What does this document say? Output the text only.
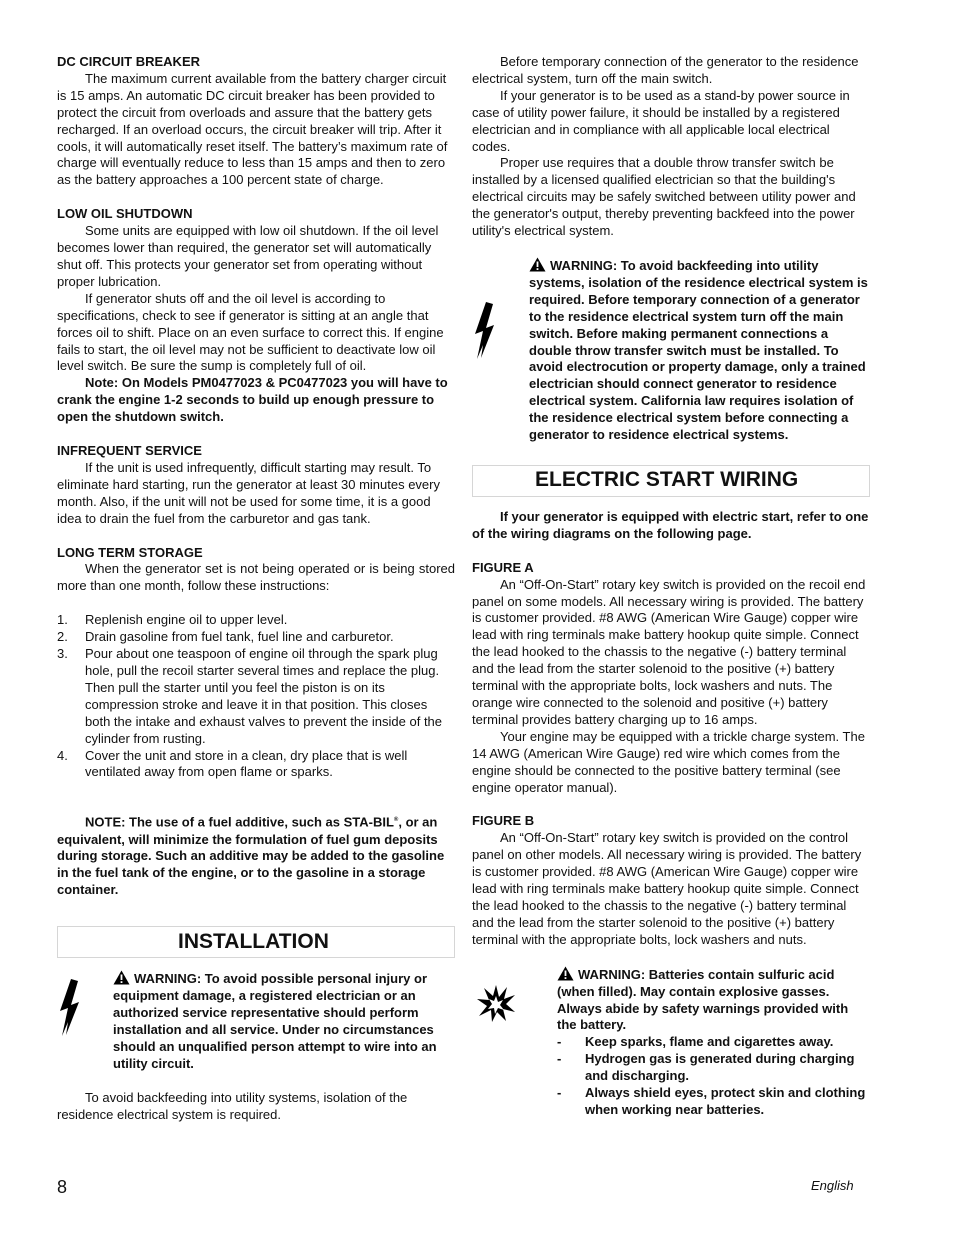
DC CIRCUIT BREAKER

The maximum current available from the battery charger circuit is 15 amps. An automatic DC circuit breaker has been provided to protect the circuit from overloads and assure that the battery gets recharged. If an overload occurs, the circuit breaker will trip. After it cools, it will automatically reset itself. The battery’s maximum rate of charge will eventually reduce to less than 15 amps and then to zero as the battery approaches a 100 percent state of charge.

LOW OIL SHUTDOWN

Some units are equipped with low oil shutdown. If the oil level becomes lower than required, the generator set will automatically shut off. This protects your generator set from operating without proper lubrication.

If generator shuts off and the oil level is according to specifications, check to see if generator is sitting at an angle that forces oil to shift. Place on an even surface to correct this. If engine fails to start, the oil level may not be sufficient to deactivate low oil level switch. Be sure the sump is completely full of oil.

Note: On Models PM0477023 & PC0477023 you will have to crank the engine 1-2 seconds to build up enough pressure to open the shutdown switch.

INFREQUENT SERVICE

If the unit is used infrequently, difficult starting may result. To eliminate hard starting, run the generator at least 30 minutes every month. Also, if the unit will not be used for some time, it is a good idea to drain the fuel from the carburetor and gas tank.

LONG TERM STORAGE

When the generator set is not being operated or is being stored more than one month, follow these instructions:

1. Replenish engine oil to upper level.
2. Drain gasoline from fuel tank, fuel line and carburetor.
3. Pour about one teaspoon of engine oil through the spark plug hole, pull the recoil starter several times and replace the plug. Then pull the starter until you feel the piston is on its compression stroke and leave it in that position. This closes both the intake and exhaust valves to prevent the inside of the cylinder from rusting.
4. Cover the unit and store in a clean, dry place that is well ventilated away from open flame or sparks.

NOTE: The use of a fuel additive, such as STA-BIL®, or an equivalent, will minimize the formulation of fuel gum deposits during storage. Such an additive may be added to the gasoline in the fuel tank of the engine, or to the gasoline in a storage container.

INSTALLATION
WARNING: To avoid possible personal injury or equipment damage, a registered electrician or an authorized service representative should perform installation and all service. Under no circumstances should an unqualified person attempt to wire into an utility circuit.

To avoid backfeeding into utility systems, isolation of the residence electrical system is required.

Before temporary connection of the generator to the residence electrical system, turn off the main switch.

If your generator is to be used as a stand-by power source in case of utility power failure, it should be installed by a registered electrician and in compliance with all applicable local electrical codes.

Proper use requires that a double throw transfer switch be installed by a licensed qualified electrician so that the building's electrical circuits may be safely switched between utility power and the generator's output, thereby preventing backfeed into the power utility's electrical system.

WARNING: To avoid backfeeding into utility systems, isolation of the residence electrical system is required. Before temporary connection of a generator to the residence electrical system turn off the main switch. Before making permanent connections a double throw transfer switch must be installed. To avoid electrocution or property damage, only a trained electrician should connect generator to residence electrical system. California law requires isolation of the residence electrical system before connecting a generator to residence electrical systems.
ELECTRIC START WIRING

If your generator is equipped with electric start, refer to one of the wiring diagrams on the following page.

FIGURE A

An “Off-On-Start” rotary key switch is provided on the recoil end panel on some models. All necessary wiring is provided. The battery is customer provided. #8 AWG (American Wire Gauge) copper wire lead with ring terminals make battery hookup quite simple. Connect the lead hooked to the chassis to the negative (-) battery terminal and the lead from the starter solenoid to the positive (+) battery terminal with the appropriate bolts, lock washers and nuts. The orange wire connected to the solenoid and positive (+) battery terminal provides battery charging up to 16 amps.

Your engine may be equipped with a trickle charge system. The 14 AWG (American Wire Gauge) red wire which comes from the engine should be connected to the positive battery terminal (see engine operator manual).

FIGURE B

An “Off-On-Start” rotary key switch is provided on the control panel on other models. All necessary wiring is provided. The battery is customer provided. #8 AWG (American Wire Gauge) copper wire lead with ring terminals make battery hookup quite simple. Connect the lead hooked to the chassis to the negative (-) battery terminal and the lead from the starter solenoid to the positive (+) battery terminal with the appropriate bolts, lock washers and nuts.

WARNING: Batteries contain sulfuric acid (when filled). May contain explosive gasses. Always abide by safety warnings provided with the battery.
- Keep sparks, flame and cigarettes away.
- Hydrogen gas is generated during charging and discharging.
- Always shield eyes, protect skin and clothing when working near batteries.
8	English
